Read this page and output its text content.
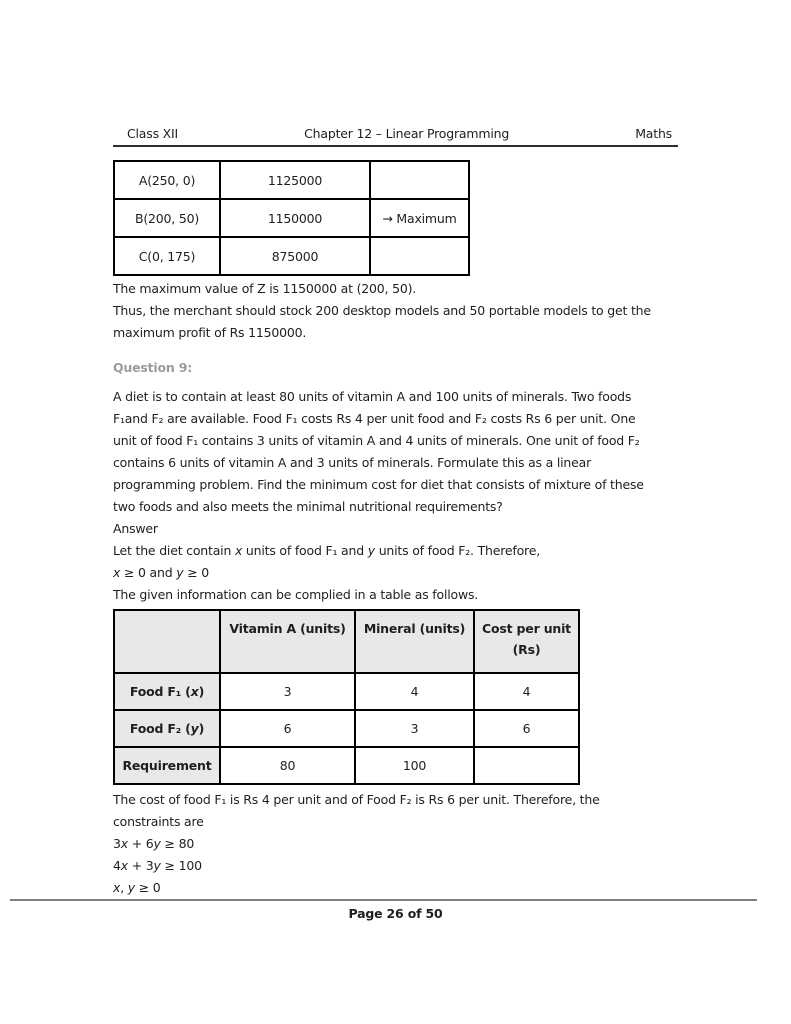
Class XII	Chapter 12 – Linear Programming	Maths
A(250, 0)	1125000	
B(200, 50)	1150000	→ Maximum
C(0, 175)	875000	
The maximum value of Z is 1150000 at (200, 50).
Thus, the merchant should stock 200 desktop models and 50 portable models to get the
maximum profit of Rs 1150000.
Question 9:
A diet is to contain at least 80 units of vitamin A and 100 units of minerals. Two foods
F₁and F₂ are available. Food F₁ costs Rs 4 per unit food and F₂ costs Rs 6 per unit. One
unit of food F₁ contains 3 units of vitamin A and 4 units of minerals. One unit of food F₂
contains 6 units of vitamin A and 3 units of minerals. Formulate this as a linear
programming problem. Find the minimum cost for diet that consists of mixture of these
two foods and also meets the minimal nutritional requirements?
Answer
Let the diet contain x units of food F₁ and y units of food F₂. Therefore,
x ≥ 0 and y ≥ 0
The given information can be complied in a table as follows.
	Vitamin A (units)	Mineral (units)	Cost per unit
(Rs)

Food F₁ (x)	3	4	4
Food F₂ (y)	6	3	6
Requirement	80	100	
The cost of food F₁ is Rs 4 per unit and of Food F₂ is Rs 6 per unit. Therefore, the
constraints are
3x + 6y ≥ 80
4x + 3y ≥ 100
x, y ≥ 0
Page 26 of 50
